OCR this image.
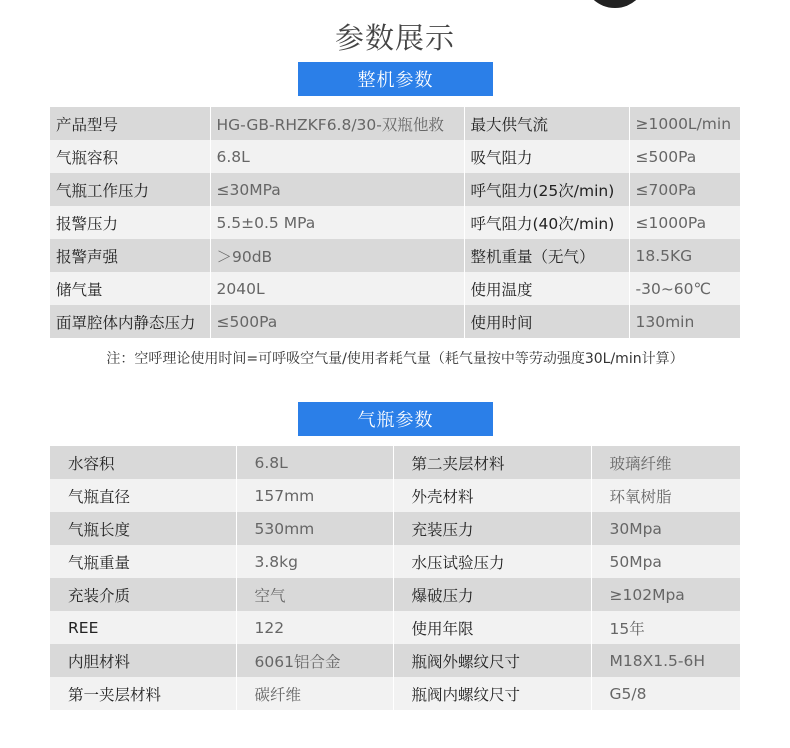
参数展示
整机参数
产品型号	HG-GB-RHZKF6.8/30-双瓶他救	最大供气流	≥1000L/min
气瓶容积	6.8L	吸气阻力	≤500Pa
气瓶工作压力	≤30MPa	呼气阻力(25次/min)	≤700Pa
报警压力	5.5±0.5 MPa	呼气阻力(40次/min)	≤1000Pa
报警声强	＞90dB	整机重量（无气）	18.5KG
储气量	2040L	使用温度	-30~60℃
面罩腔体内静态压力	≤500Pa	使用时间	130min
注：空呼理论使用时间=可呼吸空气量/使用者耗气量（耗气量按中等劳动强度30L/min计算）
气瓶参数
水容积	6.8L	第二夹层材料	玻璃纤维
气瓶直径	157mm	外壳材料	环氧树脂
气瓶长度	530mm	充装压力	30Mpa
气瓶重量	3.8kg	水压试验压力	50Mpa
充装介质	空气	爆破压力	≥102Mpa
REE	122	使用年限	15年
内胆材料	6061铝合金	瓶阀外螺纹尺寸	M18X1.5-6H
第一夹层材料	碳纤维	瓶阀内螺纹尺寸	G5/8
